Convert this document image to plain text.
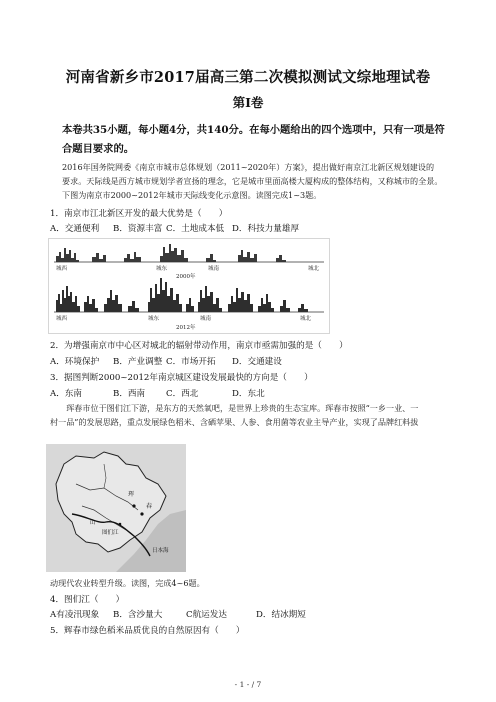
河南省新乡市2017届高三第二次模拟测试文综地理试卷
第Ⅰ卷
本卷共35小题，每小题4分，共140分。在每小题给出的四个选项中，只有一项是符合题目要求的。
2016年国务院网委《南京市城市总体规划（2011~2020年）方案》，提出做好南京江北新区规划建设的
要求。天际线是西方城市规划学者宣扬的理念，它是城市里面高楼大厦构成的整体结构，又称城市的全景。
下图为南京市2000~2012年城市天际线变化示意图。读图完成1~3题。
1．南京市江北新区开发的最大优势是（　　）
A．交通便利 B．资源丰富 C．土地成本低 D．科技力量雄厚
城西	城东	城南	城北
2000年
城西	城东	城南	城北
2012年
2．为增强南京市中心区对城北的辐射带动作用，南京市亟需加强的是（　　）
A．环境保护 B．产业调整 C．市场开拓 D．交通建设
3．据图判断2000~2012年南京城区建设发展最快的方向是（　　）
A．东南	B．西南 C．西北	D．东北
　　珲春市位于图们江下游，是东方的天然氧吧，是世界上珍贵的生态宝库。珲春市按照“一乡一业、一
村一品”的发展思路，重点发展绿色稻米、含硒苹果、人参、食用菌等农业主导产业，实现了品牌红料拔
珲
春
图们江
山
日本海
动现代农业转型升级。读图，完成4~6题。
4．图们江（　　）
A有凌汛现象 B．含沙量大	C航运发达	D．结冰期短
5．辉春市绿色稻米品质优良的自然原因有（　　）
- 1 - / 7
